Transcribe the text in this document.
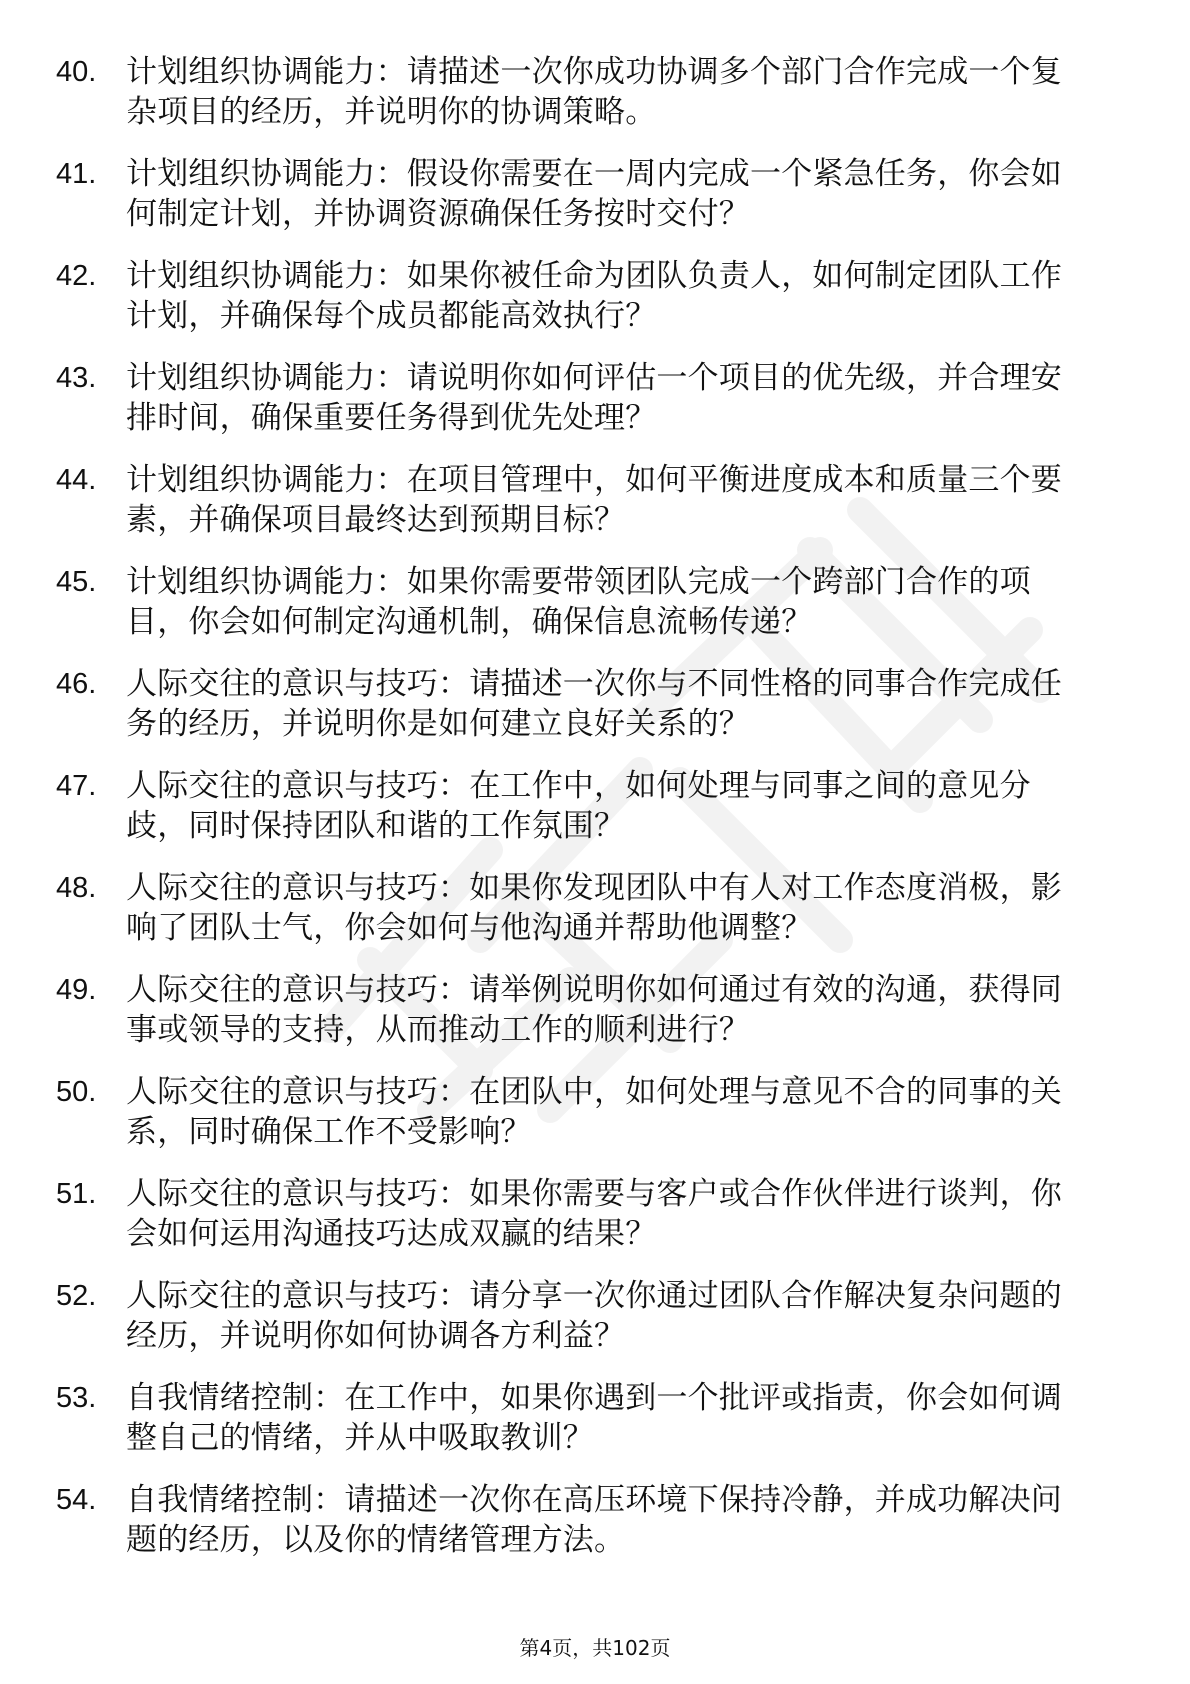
40. 计划组织协调能力：请描述一次你成功协调多个部门合作完成一个复杂项目的经历，并说明你的协调策略。
41. 计划组织协调能力：假设你需要在一周内完成一个紧急任务，你会如何制定计划，并协调资源确保任务按时交付？
42. 计划组织协调能力：如果你被任命为团队负责人，如何制定团队工作计划，并确保每个成员都能高效执行？
43. 计划组织协调能力：请说明你如何评估一个项目的优先级，并合理安排时间，确保重要任务得到优先处理？
44. 计划组织协调能力：在项目管理中，如何平衡进度成本和质量三个要素，并确保项目最终达到预期目标？
45. 计划组织协调能力：如果你需要带领团队完成一个跨部门合作的项目，你会如何制定沟通机制，确保信息流畅传递？
46. 人际交往的意识与技巧：请描述一次你与不同性格的同事合作完成任务的经历，并说明你是如何建立良好关系的？
47. 人际交往的意识与技巧：在工作中，如何处理与同事之间的意见分歧，同时保持团队和谐的工作氛围？
48. 人际交往的意识与技巧：如果你发现团队中有人对工作态度消极，影响了团队士气，你会如何与他沟通并帮助他调整？
49. 人际交往的意识与技巧：请举例说明你如何通过有效的沟通，获得同事或领导的支持，从而推动工作的顺利进行？
50. 人际交往的意识与技巧：在团队中，如何处理与意见不合的同事的关系，同时确保工作不受影响？
51. 人际交往的意识与技巧：如果你需要与客户或合作伙伴进行谈判，你会如何运用沟通技巧达成双赢的结果？
52. 人际交往的意识与技巧：请分享一次你通过团队合作解决复杂问题的经历，并说明你如何协调各方利益？
53. 自我情绪控制：在工作中，如果你遇到一个批评或指责，你会如何调整自己的情绪，并从中吸取教训？
54. 自我情绪控制：请描述一次你在高压环境下保持冷静，并成功解决问题的经历，以及你的情绪管理方法。
第4页，共102页
